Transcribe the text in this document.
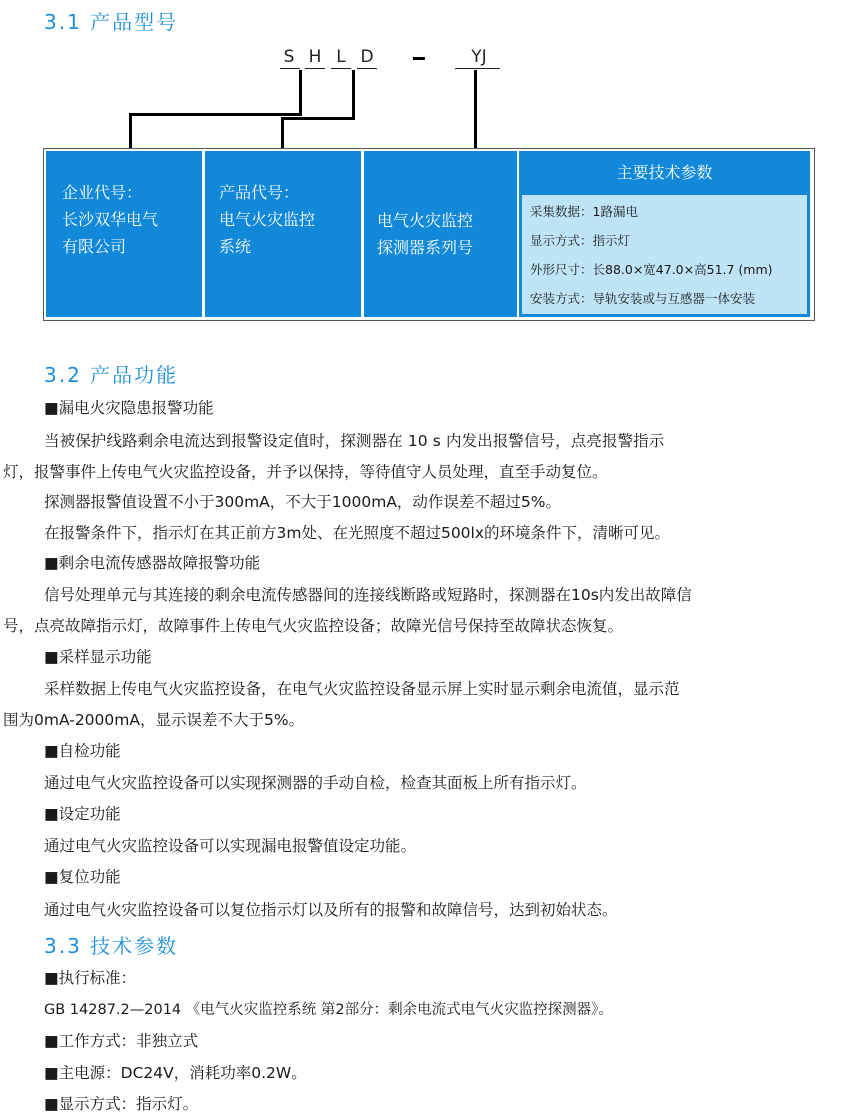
3.1 产品型号
S H L D	YJ
企业代号：
长沙双华电气
有限公司
产品代号：
电气火灾监控
系统
电气火灾监控
探测器系列号
主要技术参数
采集数据：1路漏电
显示方式：指示灯
外形尺寸：长88.0×宽47.0×高51.7 (mm)
安装方式：导轨安装或与互感器一体安装
3.2 产品功能
■漏电火灾隐患报警功能
当被保护线路剩余电流达到报警设定值时，探测器在 10 s 内发出报警信号，点亮报警指示
灯，报警事件上传电气火灾监控设备，并予以保持，等待值守人员处理，直至手动复位。
探测器报警值设置不小于300mA，不大于1000mA，动作误差不超过5%。
在报警条件下，指示灯在其正前方3m处、在光照度不超过500lx的环境条件下，清晰可见。
■剩余电流传感器故障报警功能
信号处理单元与其连接的剩余电流传感器间的连接线断路或短路时，探测器在10s内发出故障信
号，点亮故障指示灯，故障事件上传电气火灾监控设备；故障光信号保持至故障状态恢复。
■采样显示功能
采样数据上传电气火灾监控设备，在电气火灾监控设备显示屏上实时显示剩余电流值，显示范
围为0mA-2000mA，显示误差不大于5%。
■自检功能
通过电气火灾监控设备可以实现探测器的手动自检，检查其面板上所有指示灯。
■设定功能
通过电气火灾监控设备可以实现漏电报警值设定功能。
■复位功能
通过电气火灾监控设备可以复位指示灯以及所有的报警和故障信号，达到初始状态。
3.3 技术参数
■执行标准：
GB 14287.2—2014 《电气火灾监控系统 第2部分：剩余电流式电气火灾监控探测器》。
■工作方式：非独立式
■主电源：DC24V，消耗功率0.2W。
■显示方式：指示灯。
